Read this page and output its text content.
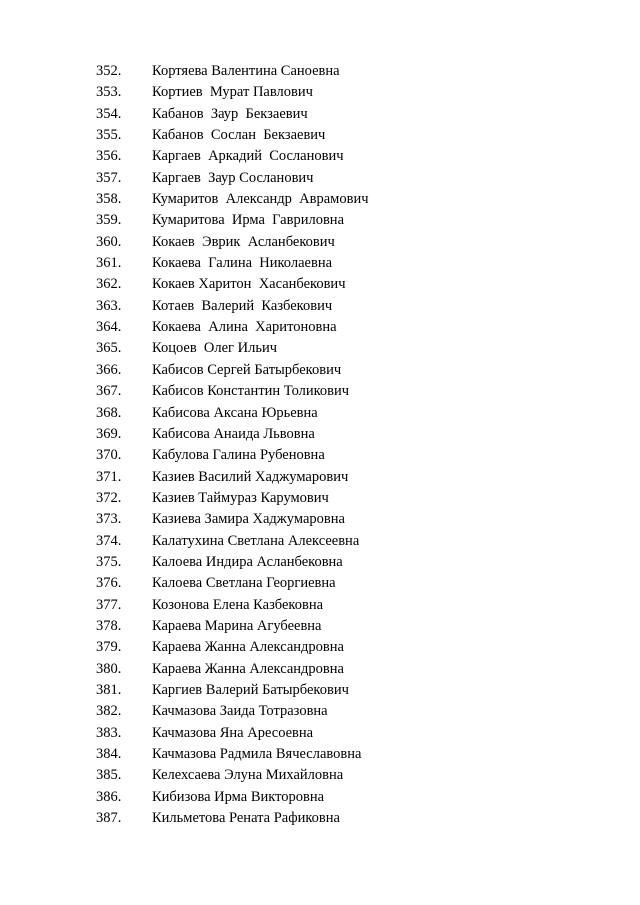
352.	Кортяева Валентина Саноевна
353.	Кортиев  Мурат Павлович
354.	Кабанов  Заур  Бекзаевич
355.	Кабанов  Сослан  Бекзаевич
356.	Каргаев  Аркадий  Сосланович
357.	Каргаев  Заур Сосланович
358.	Кумаритов  Александр  Аврамович
359.	Кумаритова  Ирма  Гавриловна
360.	Кокаев  Эврик  Асланбекович
361.	Кокаева  Галина  Николаевна
362.	Кокаев Харитон  Хасанбекович
363.	Котаев  Валерий  Казбекович
364.	Кокаева  Алина  Харитоновна
365.	Коцоев  Олег Ильич
366.	Кабисов Сергей Батырбекович
367.	Кабисов Константин Толикович
368.	Кабисова Аксана Юрьевна
369.	Кабисова Анаида Львовна
370.	Кабулова Галина Рубеновна
371.	Казиев Василий Хаджумарович
372.	Казиев Таймураз Карумович
373.	Казиева Замира Хаджумаровна
374.	Калатухина Светлана Алексеевна
375.	Калоева Индира Асланбековна
376.	Калоева Светлана Георгиевна
377.	Козонова Елена Казбековна
378.	Караева Марина Агубеевна
379.	Караева Жанна Александровна
380.	Караева Жанна Александровна
381.	Каргиев Валерий Батырбекович
382.	Качмазова Заида Тотразовна
383.	Качмазова Яна Аресоевна
384.	Качмазова Радмила Вячеславовна
385.	Келехсаева Элуна Михайловна
386.	Кибизова Ирма Викторовна
387.	Кильметова Рената Рафиковна
